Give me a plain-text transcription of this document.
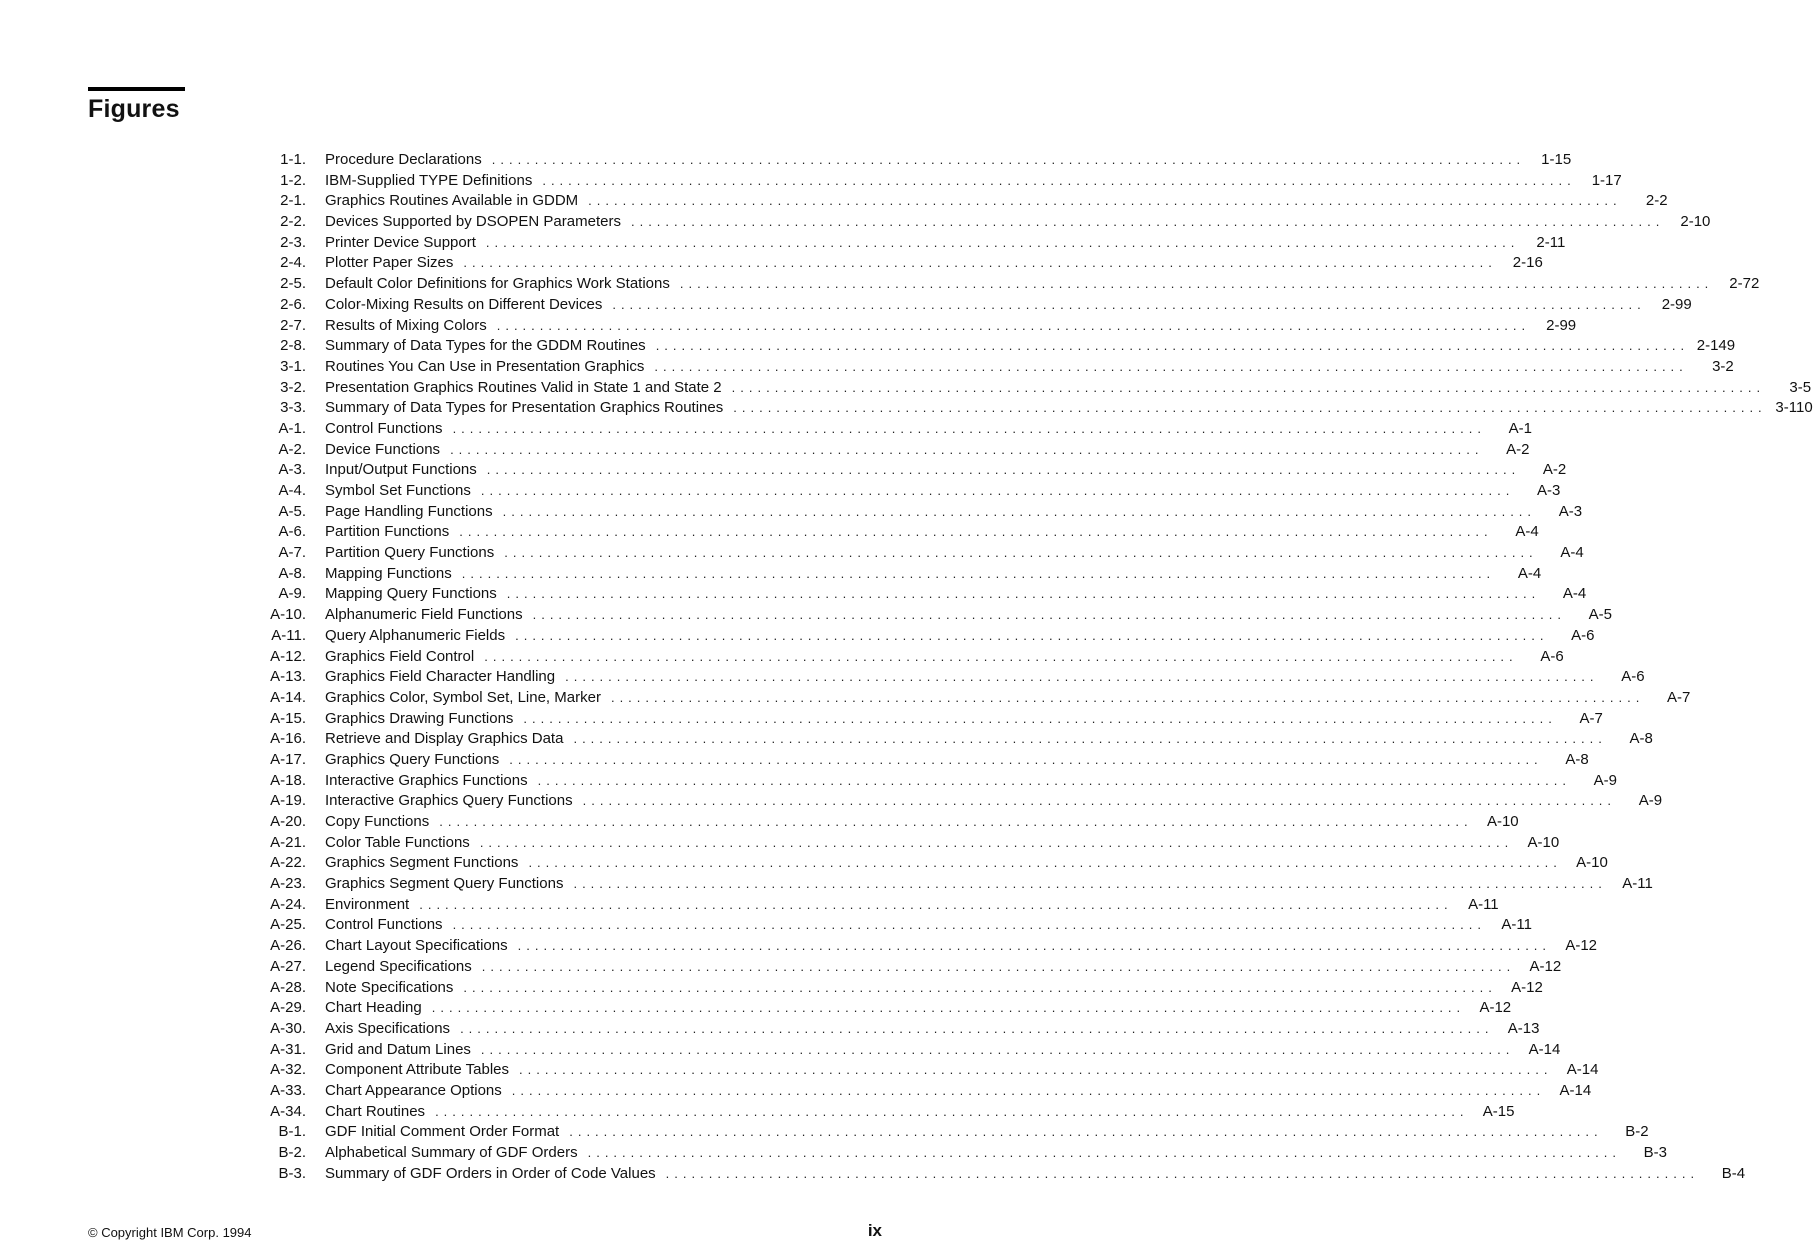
Figures
1-1. Procedure Declarations ........................................................................................................................	1-15
1-2. IBM-Supplied TYPE Definitions ........................................................................................................................	1-17
2-1. Graphics Routines Available in GDDM ........................................................................................................................	2-2
2-2. Devices Supported by DSOPEN Parameters ........................................................................................................................	2-10
2-3. Printer Device Support ........................................................................................................................	2-11
2-4. Plotter Paper Sizes ........................................................................................................................	2-16
2-5. Default Color Definitions for Graphics Work Stations ........................................................................................................................	2-72
2-6. Color-Mixing Results on Different Devices ........................................................................................................................	2-99
2-7. Results of Mixing Colors ........................................................................................................................	2-99
2-8. Summary of Data Types for the GDDM Routines ........................................................................................................................ 2-149
3-1. Routines You Can Use in Presentation Graphics ........................................................................................................................	3-2
3-2. Presentation Graphics Routines Valid in State 1 and State 2 ........................................................................................................................	3-5
3-3. Summary of Data Types for Presentation Graphics Routines ........................................................................................................................ 3-110
A-1. Control Functions ........................................................................................................................	A-1
A-2. Device Functions ........................................................................................................................	A-2
A-3. Input/Output Functions ........................................................................................................................	A-2
A-4. Symbol Set Functions ........................................................................................................................	A-3
A-5. Page Handling Functions ........................................................................................................................	A-3
A-6. Partition Functions ........................................................................................................................	A-4
A-7. Partition Query Functions ........................................................................................................................	A-4
A-8. Mapping Functions ........................................................................................................................	A-4
A-9. Mapping Query Functions ........................................................................................................................	A-4
A-10. Alphanumeric Field Functions ........................................................................................................................	A-5
A-11. Query Alphanumeric Fields ........................................................................................................................	A-6
A-12. Graphics Field Control ........................................................................................................................	A-6
A-13. Graphics Field Character Handling ........................................................................................................................	A-6
A-14. Graphics Color, Symbol Set, Line, Marker ........................................................................................................................	A-7
A-15. Graphics Drawing Functions ........................................................................................................................	A-7
A-16. Retrieve and Display Graphics Data ........................................................................................................................	A-8
A-17. Graphics Query Functions ........................................................................................................................	A-8
A-18. Interactive Graphics Functions ........................................................................................................................	A-9
A-19. Interactive Graphics Query Functions ........................................................................................................................	A-9
A-20. Copy Functions ........................................................................................................................ A-10
A-21. Color Table Functions ........................................................................................................................ A-10
A-22. Graphics Segment Functions ........................................................................................................................ A-10
A-23. Graphics Segment Query Functions ........................................................................................................................	A-11
A-24. Environment ........................................................................................................................	A-11
A-25. Control Functions ........................................................................................................................	A-11
A-26. Chart Layout Specifications ........................................................................................................................ A-12
A-27. Legend Specifications ........................................................................................................................ A-12
A-28. Note Specifications ........................................................................................................................ A-12
A-29. Chart Heading ........................................................................................................................ A-12
A-30. Axis Specifications ........................................................................................................................ A-13
A-31. Grid and Datum Lines ........................................................................................................................ A-14
A-32. Component Attribute Tables ........................................................................................................................ A-14
A-33. Chart Appearance Options ........................................................................................................................ A-14
A-34. Chart Routines ........................................................................................................................ A-15
B-1. GDF Initial Comment Order Format ........................................................................................................................	B-2
B-2. Alphabetical Summary of GDF Orders ........................................................................................................................	B-3
B-3. Summary of GDF Orders in Order of Code Values ........................................................................................................................	B-4
© Copyright IBM Corp. 1994	ix
